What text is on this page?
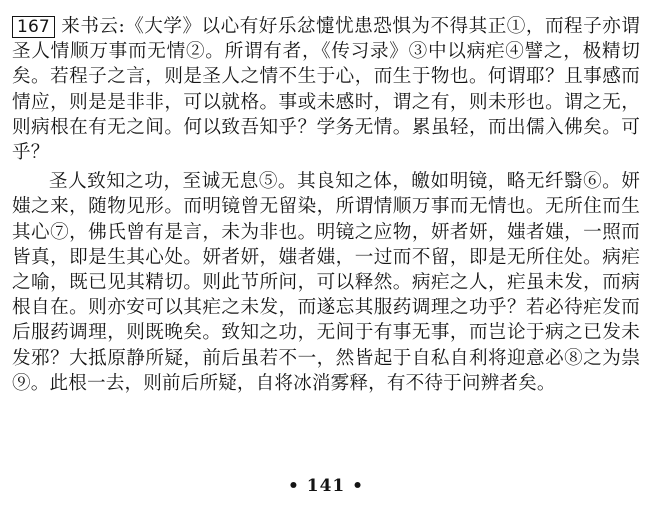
167 来书云:《大学》以心有好乐忿懥忧患恐惧为不得其正①，而程子亦谓圣人情顺万事而无情②。所谓有者，《传习录》③中以病疟④譬之，极精切矣。若程子之言，则是圣人之情不生于心，而生于物也。何谓耶？且事感而情应，则是是非非，可以就格。事或未感时，谓之有，则未形也。谓之无，则病根在有无之间。何以致吾知乎？学务无情。累虽轻，而出儒入佛矣。可乎？

圣人致知之功，至诚无息⑤。其良知之体，皦如明镜，略无纤翳⑥。妍媸之来，随物见形。而明镜曾无留染，所谓情顺万事而无情也。无所住而生其心⑦，佛氏曾有是言，未为非也。明镜之应物，妍者妍，媸者媸，一照而皆真，即是生其心处。妍者妍，媸者媸，一过而不留，即是无所住处。病疟之喻，既已见其精切。则此节所问，可以释然。病疟之人，疟虽未发，而病根自在。则亦安可以其疟之未发，而遂忘其服药调理之功乎？若必待疟发而后服药调理，则既晚矣。致知之功，无间于有事无事，而岂论于病之已发未发邪？大抵原静所疑，前后虽若不一，然皆起于自私自利将迎意必⑧之为祟⑨。此根一去，则前后所疑，自将冰消雾释，有不待于问辨者矣。

• 141 •
